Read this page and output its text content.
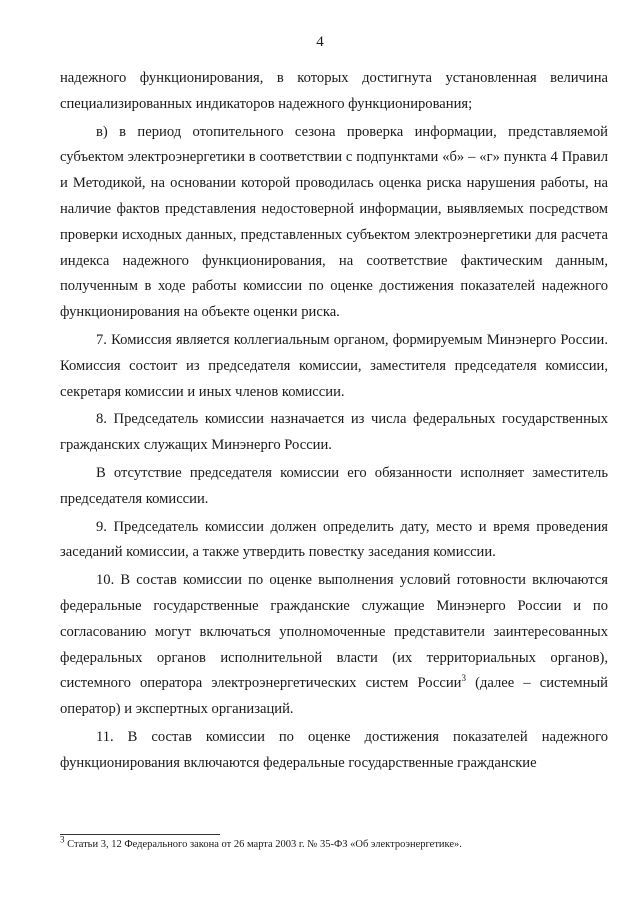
4

надежного функционирования, в которых достигнута установленная величина специализированных индикаторов надежного функционирования;

в) в период отопительного сезона проверка информации, представляемой субъектом электроэнергетики в соответствии с подпунктами «б» – «г» пункта 4 Правил и Методикой, на основании которой проводилась оценка риска нарушения работы, на наличие фактов представления недостоверной информации, выявляемых посредством проверки исходных данных, представленных субъектом электроэнергетики для расчета индекса надежного функционирования, на соответствие фактическим данным, полученным в ходе работы комиссии по оценке достижения показателей надежного функционирования на объекте оценки риска.

7. Комиссия является коллегиальным органом, формируемым Минэнерго России. Комиссия состоит из председателя комиссии, заместителя председателя комиссии, секретаря комиссии и иных членов комиссии.

8. Председатель комиссии назначается из числа федеральных государственных гражданских служащих Минэнерго России.

В отсутствие председателя комиссии его обязанности исполняет заместитель председателя комиссии.

9. Председатель комиссии должен определить дату, место и время проведения заседаний комиссии, а также утвердить повестку заседания комиссии.

10. В состав комиссии по оценке выполнения условий готовности включаются федеральные государственные гражданские служащие Минэнерго России и по согласованию могут включаться уполномоченные представители заинтересованных федеральных органов исполнительной власти (их территориальных органов), системного оператора электроэнергетических систем России$^3$ (далее – системный оператор) и экспертных организаций.

11. В состав комиссии по оценке достижения показателей надежного функционирования включаются федеральные государственные гражданские

$^3$ Статьи 3, 12 Федерального закона от 26 марта 2003 г. № 35-ФЗ «Об электроэнергетике».
